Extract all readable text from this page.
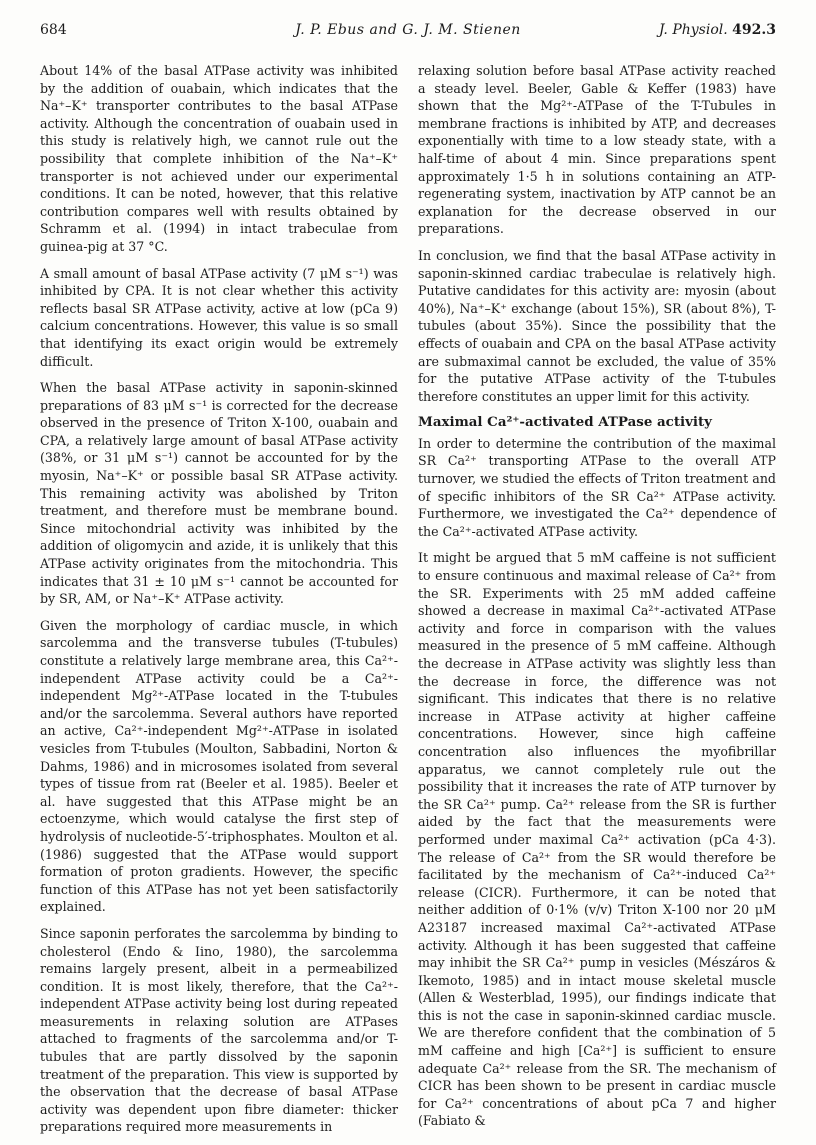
684	J. P. Ebus and G. J. M. Stienen	J. Physiol. 492.3

About 14% of the basal ATPase activity was inhibited by the addition of ouabain, which indicates that the Na⁺–K⁺ transporter contributes to the basal ATPase activity. Although the concentration of ouabain used in this study is relatively high, we cannot rule out the possibility that complete inhibition of the Na⁺–K⁺ transporter is not achieved under our experimental conditions. It can be noted, however, that this relative contribution compares well with results obtained by Schramm et al. (1994) in intact trabeculae from guinea-pig at 37 °C.

A small amount of basal ATPase activity (7 μM s⁻¹) was inhibited by CPA. It is not clear whether this activity reflects basal SR ATPase activity, active at low (pCa 9) calcium concentrations. However, this value is so small that identifying its exact origin would be extremely difficult.

When the basal ATPase activity in saponin-skinned preparations of 83 μM s⁻¹ is corrected for the decrease observed in the presence of Triton X-100, ouabain and CPA, a relatively large amount of basal ATPase activity (38%, or 31 μM s⁻¹) cannot be accounted for by the myosin, Na⁺–K⁺ or possible basal SR ATPase activity. This remaining activity was abolished by Triton treatment, and therefore must be membrane bound. Since mitochondrial activity was inhibited by the addition of oligomycin and azide, it is unlikely that this ATPase activity originates from the mitochondria. This indicates that 31 ± 10 μM s⁻¹ cannot be accounted for by SR, AM, or Na⁺–K⁺ ATPase activity.

Given the morphology of cardiac muscle, in which sarcolemma and the transverse tubules (T-tubules) constitute a relatively large membrane area, this Ca²⁺-independent ATPase activity could be a Ca²⁺-independent Mg²⁺-ATPase located in the T-tubules and/or the sarcolemma. Several authors have reported an active, Ca²⁺-independent Mg²⁺-ATPase in isolated vesicles from T-tubules (Moulton, Sabbadini, Norton & Dahms, 1986) and in microsomes isolated from several types of tissue from rat (Beeler et al. 1985). Beeler et al. have suggested that this ATPase might be an ectoenzyme, which would catalyse the first step of hydrolysis of nucleotide-5′-triphosphates. Moulton et al. (1986) suggested that the ATPase would support formation of proton gradients. However, the specific function of this ATPase has not yet been satisfactorily explained.

Since saponin perforates the sarcolemma by binding to cholesterol (Endo & Iino, 1980), the sarcolemma remains largely present, albeit in a permeabilized condition. It is most likely, therefore, that the Ca²⁺-independent ATPase activity being lost during repeated measurements in relaxing solution are ATPases attached to fragments of the sarcolemma and/or T-tubules that are partly dissolved by the saponin treatment of the preparation. This view is supported by the observation that the decrease of basal ATPase activity was dependent upon fibre diameter: thicker preparations required more measurements in

relaxing solution before basal ATPase activity reached a steady level. Beeler, Gable & Keffer (1983) have shown that the Mg²⁺-ATPase of the T-Tubules in membrane fractions is inhibited by ATP, and decreases exponentially with time to a low steady state, with a half-time of about 4 min. Since preparations spent approximately 1·5 h in solutions containing an ATP-regenerating system, inactivation by ATP cannot be an explanation for the decrease observed in our preparations.

In conclusion, we find that the basal ATPase activity in saponin-skinned cardiac trabeculae is relatively high. Putative candidates for this activity are: myosin (about 40%), Na⁺–K⁺ exchange (about 15%), SR (about 8%), T-tubules (about 35%). Since the possibility that the effects of ouabain and CPA on the basal ATPase activity are submaximal cannot be excluded, the value of 35% for the putative ATPase activity of the T-tubules therefore constitutes an upper limit for this activity.

Maximal Ca²⁺-activated ATPase activity

In order to determine the contribution of the maximal SR Ca²⁺ transporting ATPase to the overall ATP turnover, we studied the effects of Triton treatment and of specific inhibitors of the SR Ca²⁺ ATPase activity. Furthermore, we investigated the Ca²⁺ dependence of the Ca²⁺-activated ATPase activity.

It might be argued that 5 mM caffeine is not sufficient to ensure continuous and maximal release of Ca²⁺ from the SR. Experiments with 25 mM added caffeine showed a decrease in maximal Ca²⁺-activated ATPase activity and force in comparison with the values measured in the presence of 5 mM caffeine. Although the decrease in ATPase activity was slightly less than the decrease in force, the difference was not significant. This indicates that there is no relative increase in ATPase activity at higher caffeine concentrations. However, since high caffeine concentration also influences the myofibrillar apparatus, we cannot completely rule out the possibility that it increases the rate of ATP turnover by the SR Ca²⁺ pump. Ca²⁺ release from the SR is further aided by the fact that the measurements were performed under maximal Ca²⁺ activation (pCa 4·3). The release of Ca²⁺ from the SR would therefore be facilitated by the mechanism of Ca²⁺-induced Ca²⁺ release (CICR). Furthermore, it can be noted that neither addition of 0·1% (v/v) Triton X-100 nor 20 μM A23187 increased maximal Ca²⁺-activated ATPase activity. Although it has been suggested that caffeine may inhibit the SR Ca²⁺ pump in vesicles (Mészáros & Ikemoto, 1985) and in intact mouse skeletal muscle (Allen & Westerblad, 1995), our findings indicate that this is not the case in saponin-skinned cardiac muscle. We are therefore confident that the combination of 5 mM caffeine and high [Ca²⁺] is sufficient to ensure adequate Ca²⁺ release from the SR. The mechanism of CICR has been shown to be present in cardiac muscle for Ca²⁺ concentrations of about pCa 7 and higher (Fabiato &
